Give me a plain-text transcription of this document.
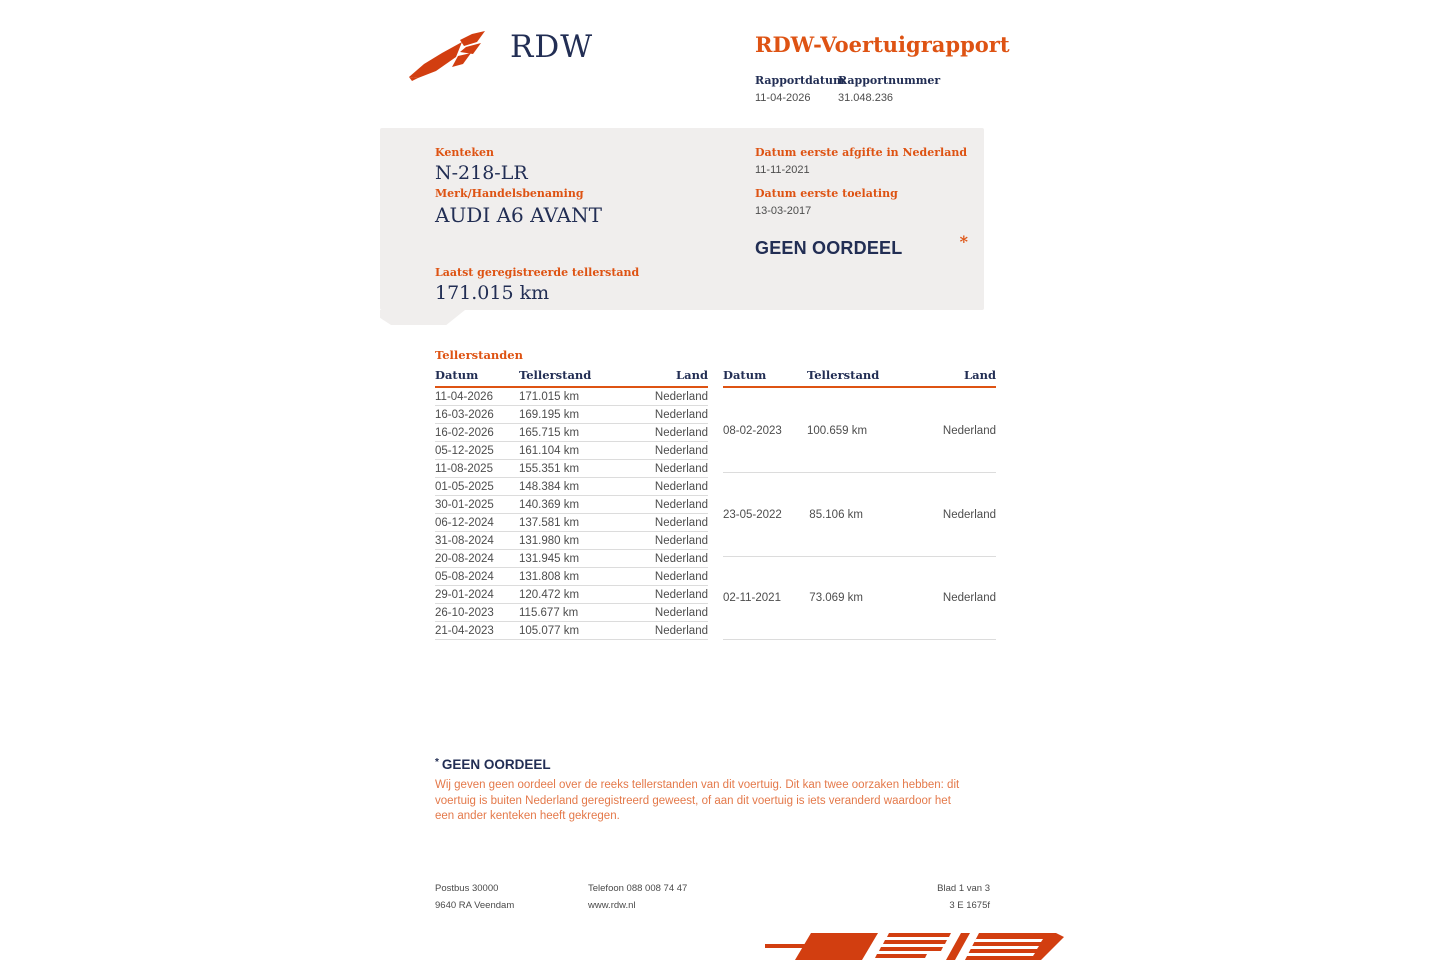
RDW	RDW-Voertuigrapport
Rapportdatum
11-04-2026
Rapportnummer
31.048.236
Kenteken
N-218-LR
Merk/Handelsbenaming
AUDI A6 AVANT
Laatst geregistreerde tellerstand
171.015 km
Datum eerste afgifte in Nederland
11-11-2021
Datum eerste toelating
13-03-2017
GEEN OORDEEL	*
Tellerstanden
Datum	Tellerstand	Land
11-04-2026	171.015 km	Nederland
16-03-2026	169.195 km	Nederland
16-02-2026	165.715 km	Nederland
05-12-2025	161.104 km	Nederland
11-08-2025	155.351 km	Nederland
01-05-2025	148.384 km	Nederland
30-01-2025	140.369 km	Nederland
06-12-2024	137.581 km	Nederland
31-08-2024	131.980 km	Nederland
20-08-2024	131.945 km	Nederland
05-08-2024	131.808 km	Nederland
29-01-2024	120.472 km	Nederland
26-10-2023	115.677 km	Nederland
21-04-2023	105.077 km	Nederland
Datum	Tellerstand	Land
08-02-2023	100.659 km	Nederland
23-05-2022	85.106 km	Nederland
02-11-2021	73.069 km	Nederland
* GEEN OORDEEL
Wij geven geen oordeel over de reeks tellerstanden van dit voertuig. Dit kan twee oorzaken hebben: dit voertuig is buiten Nederland geregistreerd geweest, of aan dit voertuig is iets veranderd waardoor het een ander kenteken heeft gekregen.
Postbus 30000
9640 RA Veendam
Telefoon 088 008 74 47
www.rdw.nl
Blad 1 van 3
3 E 1675f
